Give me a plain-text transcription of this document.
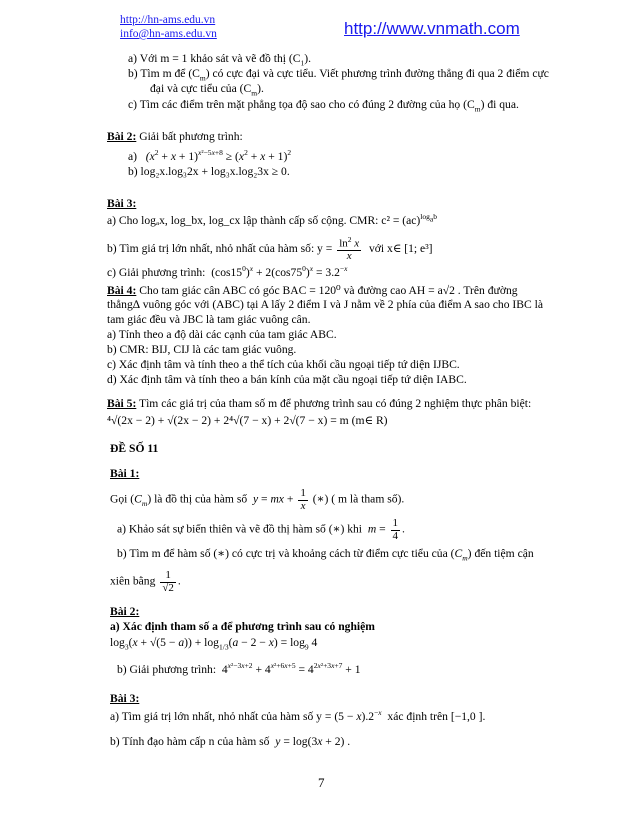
http://hn-ams.edu.vn
info@hn-ams.edu.vn	http://www.vnmath.com
a) Với m = 1 khảo sát và vẽ đồ thị $(C_1)$.
b) Tìm m để $(C_m)$ có cực đại và cực tiểu. Viết phương trình đường thẳng đi qua 2 điểm cực
đại và cực tiểu của $(C_m)$.
c) Tìm các điểm trên mặt phẳng tọa độ sao cho có đúng 2 đường của họ $(C_m)$ đi qua.
Bài 2: Giải bất phương trình:
a) $(x^2 + x + 1)^{x^2-5x+8} \ge (x^2 + x + 1)^2$
b) log₂x.log₃2x + log₃x.log₂3x ≥ 0.
Bài 3:
a) Cho logₐx, log_bx, log_cx lập thành cấp số cộng. CMR: c² = (ac)$^{log_ab}$
b) Tìm giá trị lớn nhất, nhỏ nhất của hàm số: $y = \frac{\ln^2 x}{x}$ với x∈ [1; e³]
c) Giải phương trình:  $(\cos 15^0)^x + 2(\cos 75^0)^x = 3.2^{-x}$
Bài 4: Cho tam giác cân ABC có góc BAC = 120⁰ và đường cao AH = a√2 . Trên đường
thẳng∆ vuông góc với (ABC) tại A lấy 2 điểm I và J nằm về 2 phía của điểm A sao cho IBC là
tam giác đều và JBC là tam giác vuông cân.
a) Tính theo a độ dài các cạnh của tam giác ABC.
b) CMR: BIJ, CIJ là các tam giác vuông.
c) Xác định tâm và tính theo a thể tích của khối cầu ngoại tiếp tứ diện IJBC.
d) Xác định tâm và tính theo a bán kính của mặt cầu ngoại tiếp tứ diện IABC.
Bài 5: Tìm các giá trị của tham số m để phương trình sau có đúng 2 nghiệm thực phân biệt:
⁴√(2x − 2) + √(2x − 2) + 2⁴√(7 − x) + 2√(7 − x) = m (m∈ R)
ĐỀ SỐ 11
Bài 1:
Gọi $(C_m)$ là đồ thị của hàm số y = mx + $\frac{1}{x}$ (∗) ( m là tham số).
a) Khảo sát sự biến thiên và vẽ đồ thị hàm số (∗) khi $m = \frac{1}{4}$ .
b) Tìm m để hàm số (∗) có cực trị và khoảng cách từ điểm cực tiểu của $(C_m)$ đến tiệm cận
xiên bằng $\frac{1}{√2}$ .
Bài 2:
a) Xác định tham số a để phương trình sau có nghiệm
$\log_3(x + √(5 - a)) + \log_{1/3}(a - 2 - x) = \log_9 4$
b) Giải phương trình:  $4^{x^2-3x+2} + 4^{x^2+6x+5} = 4^{2x^2+3x+7} + 1$
Bài 3:
a) Tìm giá trị lớn nhất, nhỏ nhất của hàm số $y = (5 - x).2^{-x}$ xác định trên [−1,0 ].
b) Tính đạo hàm cấp n của hàm số y = log(3x + 2) .
7
